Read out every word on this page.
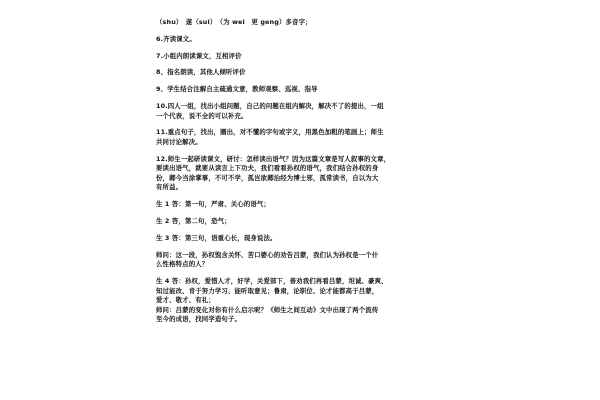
（shu）　遂（sui）　（为 wei　更 geng）多音字；
6.齐读课文。
7.小组内朗读课文，互相评价
8、指名朗读，其他人倾听评价
9、学生结合注解自主疏通文意，教师观察、巡视、指导
10.四人一组，找出小组问题，自己的问题在组内解决，解决不了的提出，一组
一个代表，说不全的可以补充。
11.重点句子，找出，圈出，对不懂的字句或字义，用黑色加粗的笔画上；师生
共同讨论解决。
12.师生一起研读课文，研讨：怎样读出语气？因为这篇文章是写人叙事的文章，
要读出语气，就要从读言上下功夫，我们看看孙权的语气，我们结合孙权的身
份，卿今当涂掌事，不可不学，孤岂欲卿治经为博士邪，孤常读书，自以为大
有所益。
生 1 答：第一句，严肃、关心的语气；
生 2 答，第二句，恐气；
生 3 答：第三句，语重心长，现身说法。
师问：这一段，孙权饱含关怀、苦口婆心的劝告吕蒙，我们认为孙权是一个什
么性格特点的人？
生 4 答：孙权，爱惜人才，好学，关爱部下，善劝我们再看吕蒙，坦诚、豪爽、
知过能改、肯于努力学习、能听取意见；鲁肃，论职位、论才能都高于吕蒙，
爱才、敬才、有礼；
师问：吕蒙的变化对你有什么启示呢？《师生之间互动》文中出现了两个流传
至今的成语，找同学造句子。
